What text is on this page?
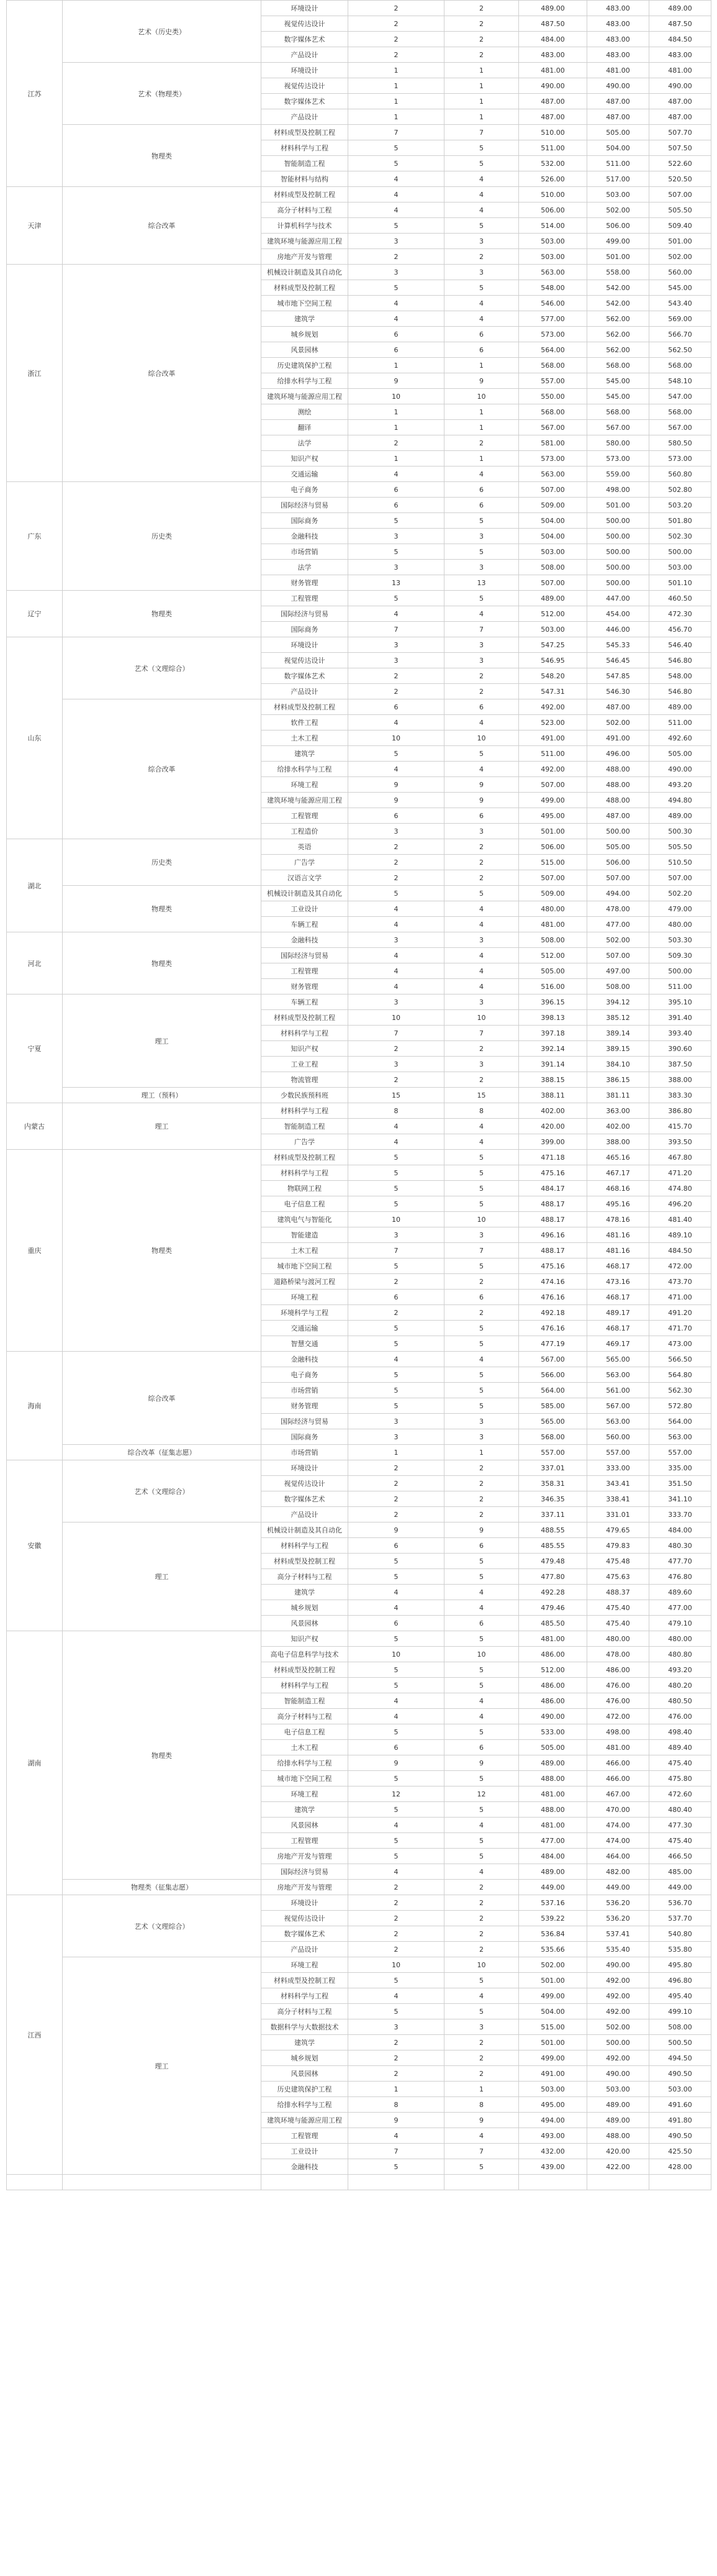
江苏	艺术（历史类）	环境设计	2	2	489.00	483.00	489.00
		视觉传达设计	2	2	487.50	483.00	487.50
		数字媒体艺术	2	2	484.00	483.00	484.50
		产品设计	2	2	483.00	483.00	483.00
	艺术（物理类）	环境设计	1	1	481.00	481.00	481.00
		视觉传达设计	1	1	490.00	490.00	490.00
		数字媒体艺术	1	1	487.00	487.00	487.00
		产品设计	1	1	487.00	487.00	487.00
	物理类	材料成型及控制工程	7	7	510.00	505.00	507.70
		材料科学与工程	5	5	511.00	504.00	507.50
		智能制造工程	5	5	532.00	511.00	522.60
		智能材料与结构	4	4	526.00	517.00	520.50
天津	综合改革	材料成型及控制工程	4	4	510.00	503.00	507.00
		高分子材料与工程	4	4	506.00	502.00	505.50
		计算机科学与技术	5	5	514.00	506.00	509.40
		建筑环境与能源应用工程	3	3	503.00	499.00	501.00
		房地产开发与管理	2	2	503.00	501.00	502.00
浙江	综合改革	机械设计制造及其自动化	3	3	563.00	558.00	560.00
		材料成型及控制工程	5	5	548.00	542.00	545.00
		城市地下空间工程	4	4	546.00	542.00	543.40
		建筑学	4	4	577.00	562.00	569.00
		城乡规划	6	6	573.00	562.00	566.70
		风景园林	6	6	564.00	562.00	562.50
		历史建筑保护工程	1	1	568.00	568.00	568.00
		给排水科学与工程	9	9	557.00	545.00	548.10
		建筑环境与能源应用工程	10	10	550.00	545.00	547.00
		测绘	1	1	568.00	568.00	568.00
		翻译	1	1	567.00	567.00	567.00
		法学	2	2	581.00	580.00	580.50
		知识产权	1	1	573.00	573.00	573.00
		交通运输	4	4	563.00	559.00	560.80
广东	历史类	电子商务	6	6	507.00	498.00	502.80
		国际经济与贸易	6	6	509.00	501.00	503.20
		国际商务	5	5	504.00	500.00	501.80
		金融科技	3	3	504.00	500.00	502.30
		市场营销	5	5	503.00	500.00	500.00
		法学	3	3	508.00	500.00	503.00
		财务管理	13	13	507.00	500.00	501.10
辽宁	物理类	工程管理	5	5	489.00	447.00	460.50
		国际经济与贸易	4	4	512.00	454.00	472.30
		国际商务	7	7	503.00	446.00	456.70
山东	艺术（文理综合）	环境设计	3	3	547.25	545.33	546.40
		视觉传达设计	3	3	546.95	546.45	546.80
		数字媒体艺术	2	2	548.20	547.85	548.00
		产品设计	2	2	547.31	546.30	546.80
	综合改革	材料成型及控制工程	6	6	492.00	487.00	489.00
		软件工程	4	4	523.00	502.00	511.00
		土木工程	10	10	491.00	491.00	492.60
		建筑学	5	5	511.00	496.00	505.00
		给排水科学与工程	4	4	492.00	488.00	490.00
		环境工程	9	9	507.00	488.00	493.20
		建筑环境与能源应用工程	9	9	499.00	488.00	494.80
		工程管理	6	6	495.00	487.00	489.00
		工程造价	3	3	501.00	500.00	500.30
湖北	历史类	英语	2	2	506.00	505.00	505.50
		广告学	2	2	515.00	506.00	510.50
		汉语言文学	2	2	507.00	507.00	507.00
	物理类	机械设计制造及其自动化	5	5	509.00	494.00	502.20
		工业设计	4	4	480.00	478.00	479.00
		车辆工程	4	4	481.00	477.00	480.00
河北	物理类	金融科技	3	3	508.00	502.00	503.30
		国际经济与贸易	4	4	512.00	507.00	509.30
		工程管理	4	4	505.00	497.00	500.00
		财务管理	4	4	516.00	508.00	511.00
宁夏	理工	车辆工程	3	3	396.15	394.12	395.10
		材料成型及控制工程	10	10	398.13	385.12	391.40
		材料科学与工程	7	7	397.18	389.14	393.40
		知识产权	2	2	392.14	389.15	390.60
		工业工程	3	3	391.14	384.10	387.50
		物流管理	2	2	388.15	386.15	388.00
	理工（预科）	少数民族预科班	15	15	388.11	381.11	383.30
内蒙古	理工	材料科学与工程	8	8	402.00	363.00	386.80
		智能制造工程	4	4	420.00	402.00	415.70
		广告学	4	4	399.00	388.00	393.50
重庆	物理类	材料成型及控制工程	5	5	471.18	465.16	467.80
		材料科学与工程	5	5	475.16	467.17	471.20
		物联网工程	5	5	484.17	468.16	474.80
		电子信息工程	5	5	488.17	495.16	496.20
		建筑电气与智能化	10	10	488.17	478.16	481.40
		智能建造	3	3	496.16	481.16	489.10
		土木工程	7	7	488.17	481.16	484.50
		城市地下空间工程	5	5	475.16	468.17	472.00
		道路桥梁与渡河工程	2	2	474.16	473.16	473.70
		环境工程	6	6	476.16	468.17	471.00
		环境科学与工程	2	2	492.18	489.17	491.20
		交通运输	5	5	476.16	468.17	471.70
		智慧交通	5	5	477.19	469.17	473.00
海南	综合改革	金融科技	4	4	567.00	565.00	566.50
		电子商务	5	5	566.00	563.00	564.80
		市场营销	5	5	564.00	561.00	562.30
		财务管理	5	5	585.00	567.00	572.80
		国际经济与贸易	3	3	565.00	563.00	564.00
		国际商务	3	3	568.00	560.00	563.00
	综合改革（征集志愿）	市场营销	1	1	557.00	557.00	557.00
安徽	艺术（文理综合）	环境设计	2	2	337.01	333.00	335.00
		视觉传达设计	2	2	358.31	343.41	351.50
		数字媒体艺术	2	2	346.35	338.41	341.10
		产品设计	2	2	337.11	331.01	333.70
	理工	机械设计制造及其自动化	9	9	488.55	479.65	484.00
		材料科学与工程	6	6	485.55	479.83	480.30
		材料成型及控制工程	5	5	479.48	475.48	477.70
		高分子材料与工程	5	5	477.80	475.63	476.80
		建筑学	4	4	492.28	488.37	489.60
		城乡规划	4	4	479.46	475.40	477.00
		风景园林	6	6	485.50	475.40	479.10
湖南	物理类	知识产权	5	5	481.00	480.00	480.00
		高电子信息科学与技术	10	10	486.00	478.00	480.80
		材料成型及控制工程	5	5	512.00	486.00	493.20
		材料科学与工程	5	5	486.00	476.00	480.20
		智能制造工程	4	4	486.00	476.00	480.50
		高分子材料与工程	4	4	490.00	472.00	476.00
		电子信息工程	5	5	533.00	498.00	498.40
		土木工程	6	6	505.00	481.00	489.40
		给排水科学与工程	9	9	489.00	466.00	475.40
		城市地下空间工程	5	5	488.00	466.00	475.80
		环境工程	12	12	481.00	467.00	472.60
		建筑学	5	5	488.00	470.00	480.40
		风景园林	4	4	481.00	474.00	477.30
		工程管理	5	5	477.00	474.00	475.40
		房地产开发与管理	5	5	484.00	464.00	466.50
		国际经济与贸易	4	4	489.00	482.00	485.00
	物理类（征集志愿）	房地产开发与管理	2	2	449.00	449.00	449.00
江西	艺术（文理综合）	环境设计	2	2	537.16	536.20	536.70
		视觉传达设计	2	2	539.22	536.20	537.70
		数字媒体艺术	2	2	536.84	537.41	540.80
		产品设计	2	2	535.66	535.40	535.80
	理工	环境工程	10	10	502.00	490.00	495.80
		材料成型及控制工程	5	5	501.00	492.00	496.80
		材料科学与工程	4	4	499.00	492.00	495.40
		高分子材料与工程	5	5	504.00	492.00	499.10
		数据科学与大数据技术	3	3	515.00	502.00	508.00
		建筑学	2	2	501.00	500.00	500.50
		城乡规划	2	2	499.00	492.00	494.50
		风景园林	2	2	491.00	490.00	490.50
		历史建筑保护工程	1	1	503.00	503.00	503.00
		给排水科学与工程	8	8	495.00	489.00	491.60
		建筑环境与能源应用工程	9	9	494.00	489.00	491.80
		工程管理	4	4	493.00	488.00	490.50
		工业设计	7	7	432.00	420.00	425.50
		金融科技	5	5	439.00	422.00	428.00
